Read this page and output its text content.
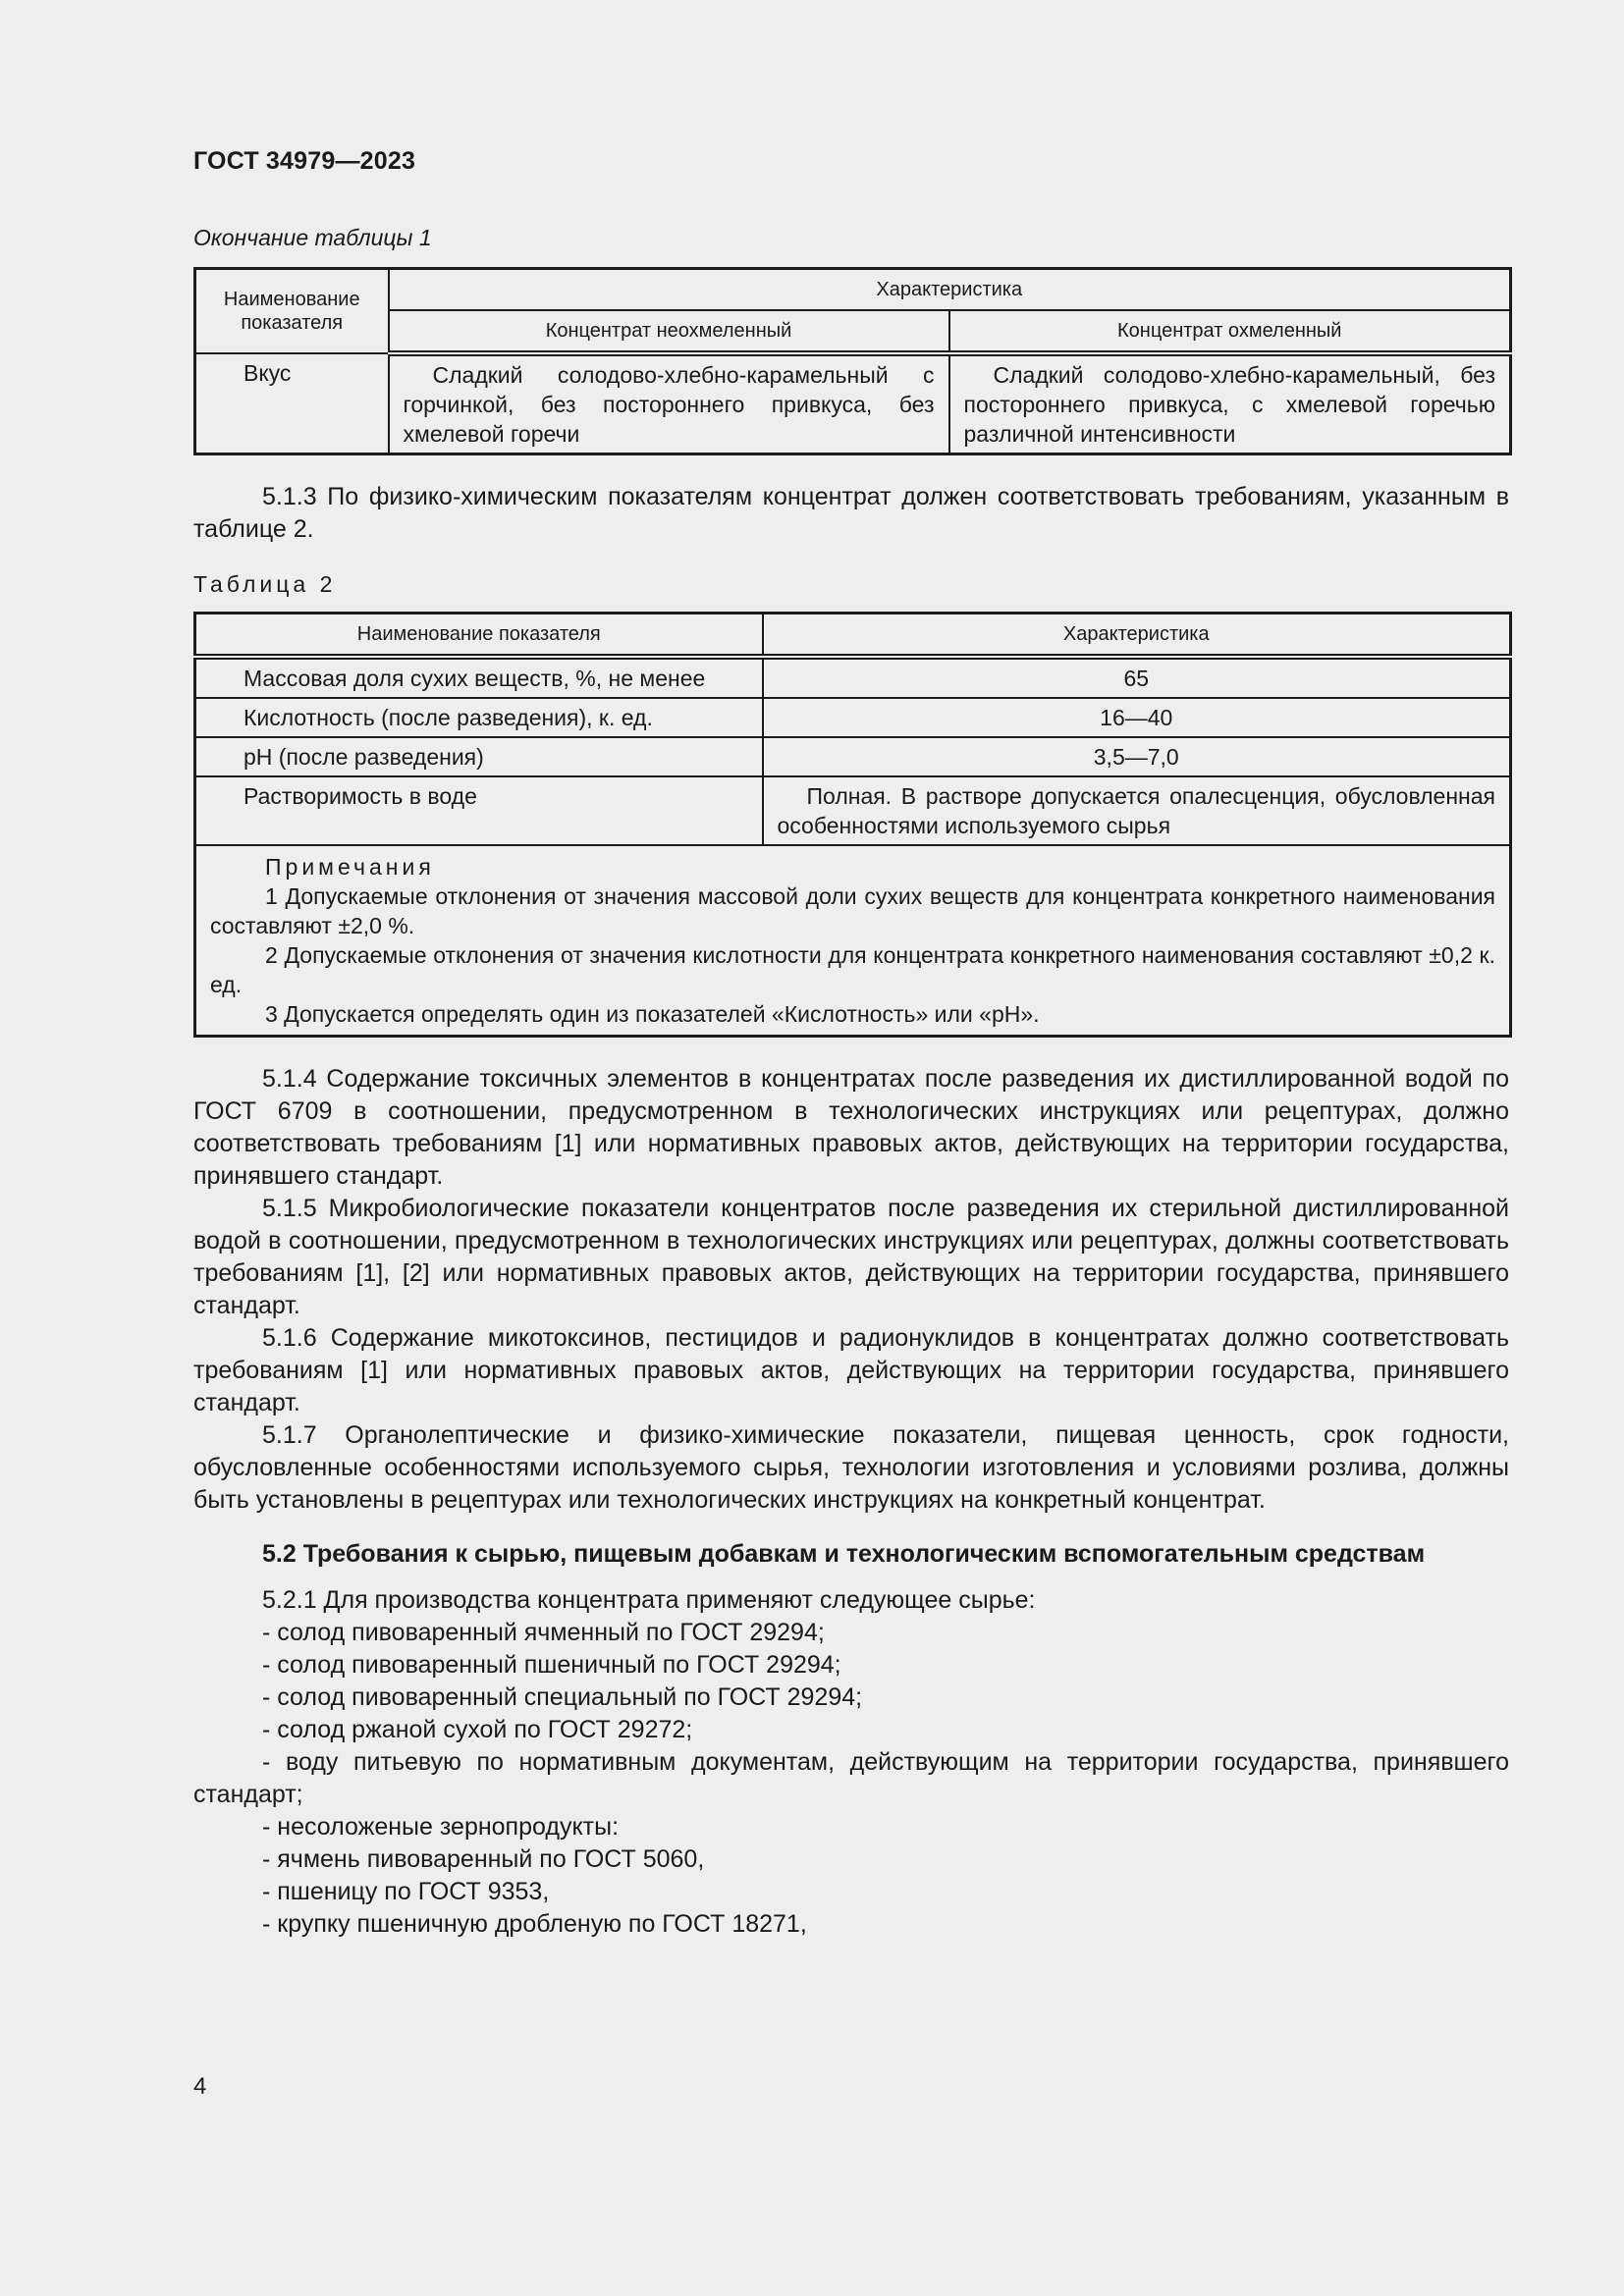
ГОСТ 34979—2023
Окончание таблицы 1
Наименование показателя	Характеристика	
	Концентрат неохмеленный	Концентрат охмеленный
Вкус	Сладкий солодово-хлебно-карамельный с горчинкой, без постороннего привкуса, без хмелевой горечи	Сладкий солодово-хлебно-карамельный, без постороннего привкуса, с хмелевой горечью различной интенсивности

5.1.3 По физико-химическим показателям концентрат должен соответствовать требованиям, указанным в таблице 2.

Таблица 2
Наименование показателя	Характеристика
Массовая доля сухих веществ, %, не менее	65
Кислотность (после разведения), к. ед.	16—40
pH (после разведения)	3,5—7,0
Растворимость в воде	Полная. В растворе допускается опалесценция, обусловленная особенностями используемого сырья

Примечания

1 Допускаемые отклонения от значения массовой доли сухих веществ для концентрата конкретного наименования составляют ±2,0 %.

2 Допускаемые отклонения от значения кислотности для концентрата конкретного наименования составляют ±0,2 к. ед.

3 Допускается определять один из показателей «Кислотность» или «pH».	

5.1.4 Содержание токсичных элементов в концентратах после разведения их дистиллированной водой по ГОСТ 6709 в соотношении, предусмотренном в технологических инструкциях или рецептурах, должно соответствовать требованиям [1] или нормативных правовых актов, действующих на территории государства, принявшего стандарт.

5.1.5 Микробиологические показатели концентратов после разведения их стерильной дистиллированной водой в соотношении, предусмотренном в технологических инструкциях или рецептурах, должны соответствовать требованиям [1], [2] или нормативных правовых актов, действующих на территории государства, принявшего стандарт.

5.1.6 Содержание микотоксинов, пестицидов и радионуклидов в концентратах должно соответствовать требованиям [1] или нормативных правовых актов, действующих на территории государства, принявшего стандарт.

5.1.7 Органолептические и физико-химические показатели, пищевая ценность, срок годности, обусловленные особенностями используемого сырья, технологии изготовления и условиями розлива, должны быть установлены в рецептурах или технологических инструкциях на конкретный концентрат.

5.2 Требования к сырью, пищевым добавкам и технологическим вспомогательным средствам

5.2.1 Для производства концентрата применяют следующее сырье:

- солод пивоваренный ячменный по ГОСТ 29294;

- солод пивоваренный пшеничный по ГОСТ 29294;

- солод пивоваренный специальный по ГОСТ 29294;

- солод ржаной сухой по ГОСТ 29272;

- воду питьевую по нормативным документам, действующим на территории государства, принявшего стандарт;

- несоложеные зернопродукты:

- ячмень пивоваренный по ГОСТ 5060,

- пшеницу по ГОСТ 9353,

- крупку пшеничную дробленую по ГОСТ 18271,

4
